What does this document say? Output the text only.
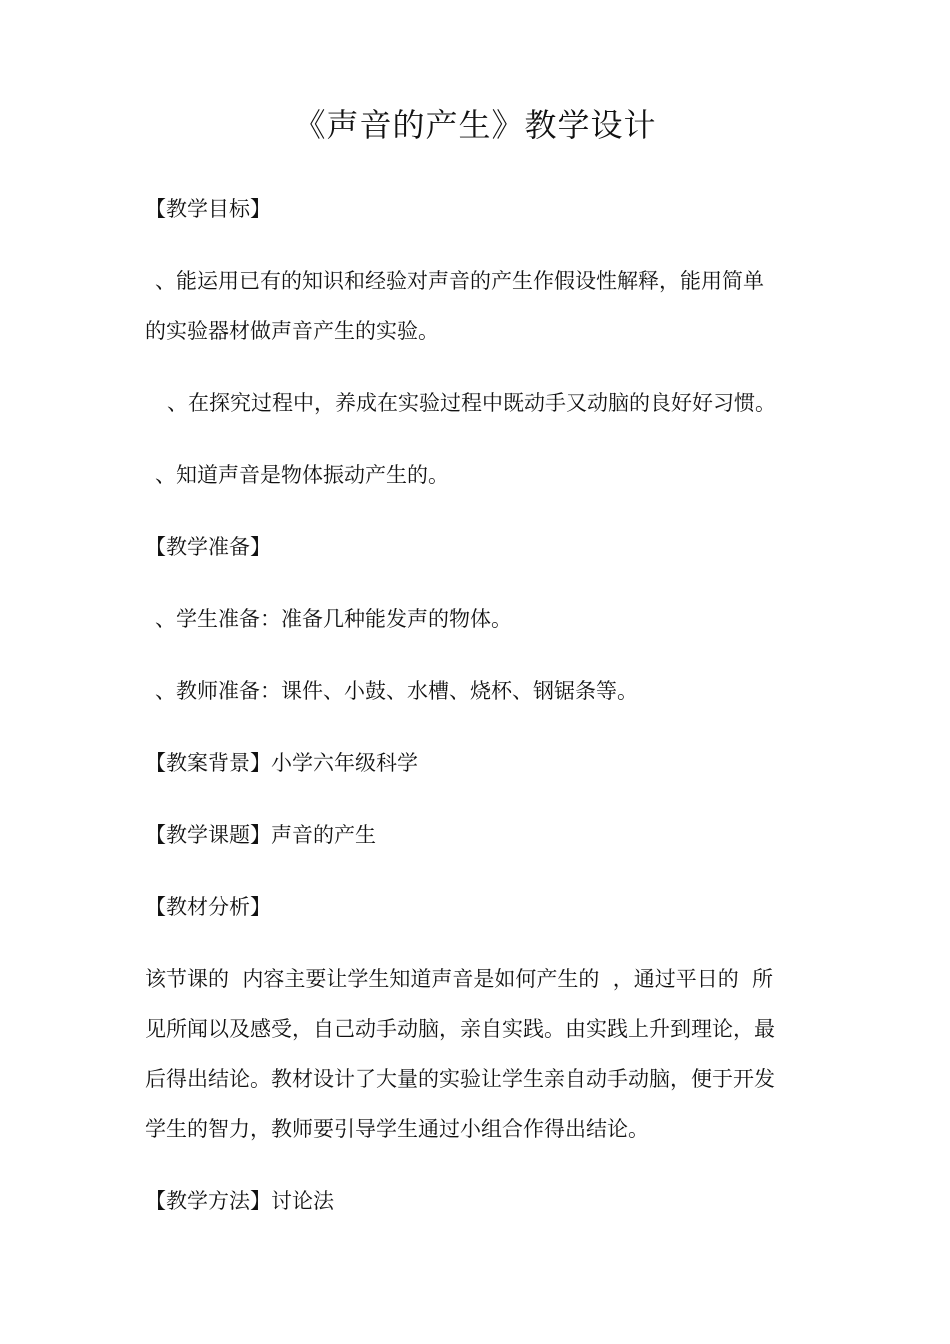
《声音的产生》教学设计

【教学目标】

、能运用已有的知识和经验对声音的产生作假设性解释，能用简单

的实验器材做声音产生的实验。

、在探究过程中，养成在实验过程中既动手又动脑的良好好习惯。

、知道声音是物体振动产生的。

【教学准备】

、学生准备：准备几种能发声的物体。

、教师准备：课件、小鼓、水槽、烧杯、钢锯条等。

【教案背景】小学六年级科学

【教学课题】声音的产生

【教材分析】

该节课的  内容主要让学生知道声音是如何产生的  ，通过平日的  所

见所闻以及感受，自己动手动脑，亲自实践。由实践上升到理论，最

后得出结论。教材设计了大量的实验让学生亲自动手动脑，便于开发

学生的智力，教师要引导学生通过小组合作得出结论。

【教学方法】讨论法
